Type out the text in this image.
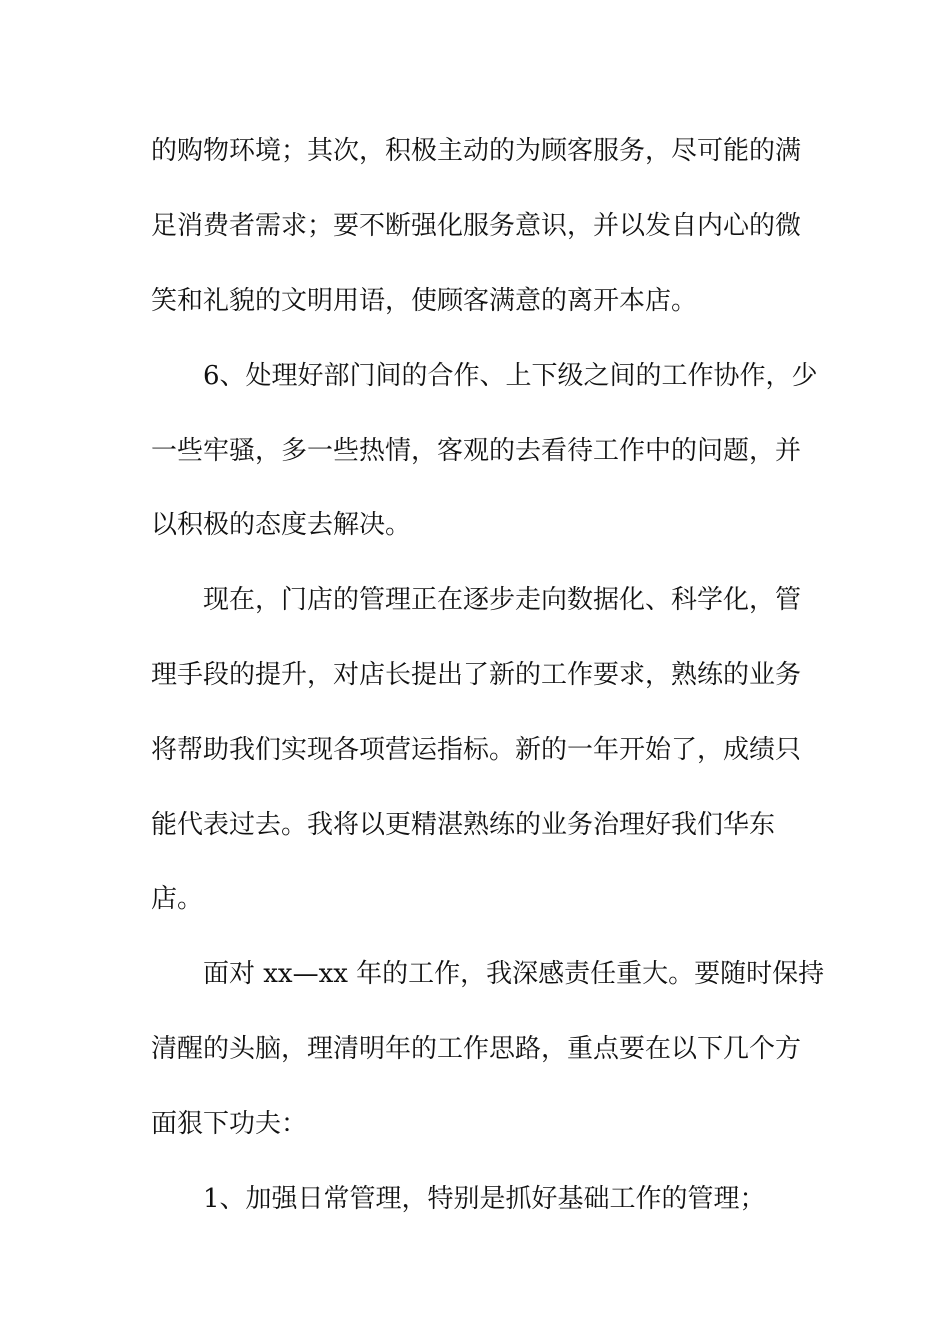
的购物环境；其次，积极主动的为顾客服务，尽可能的满
足消费者需求；要不断强化服务意识，并以发自内心的微
笑和礼貌的文明用语，使顾客满意的离开本店。
6、处理好部门间的合作、上下级之间的工作协作，少
一些牢骚，多一些热情，客观的去看待工作中的问题，并
以积极的态度去解决。
现在，门店的管理正在逐步走向数据化、科学化，管
理手段的提升，对店长提出了新的工作要求，熟练的业务
将帮助我们实现各项营运指标。新的一年开始了，成绩只
能代表过去。我将以更精湛熟练的业务治理好我们华东
店。
面对 xx—xx 年的工作，我深感责任重大。要随时保持
清醒的头脑，理清明年的工作思路，重点要在以下几个方
面狠下功夫：
1、加强日常管理，特别是抓好基础工作的管理；
